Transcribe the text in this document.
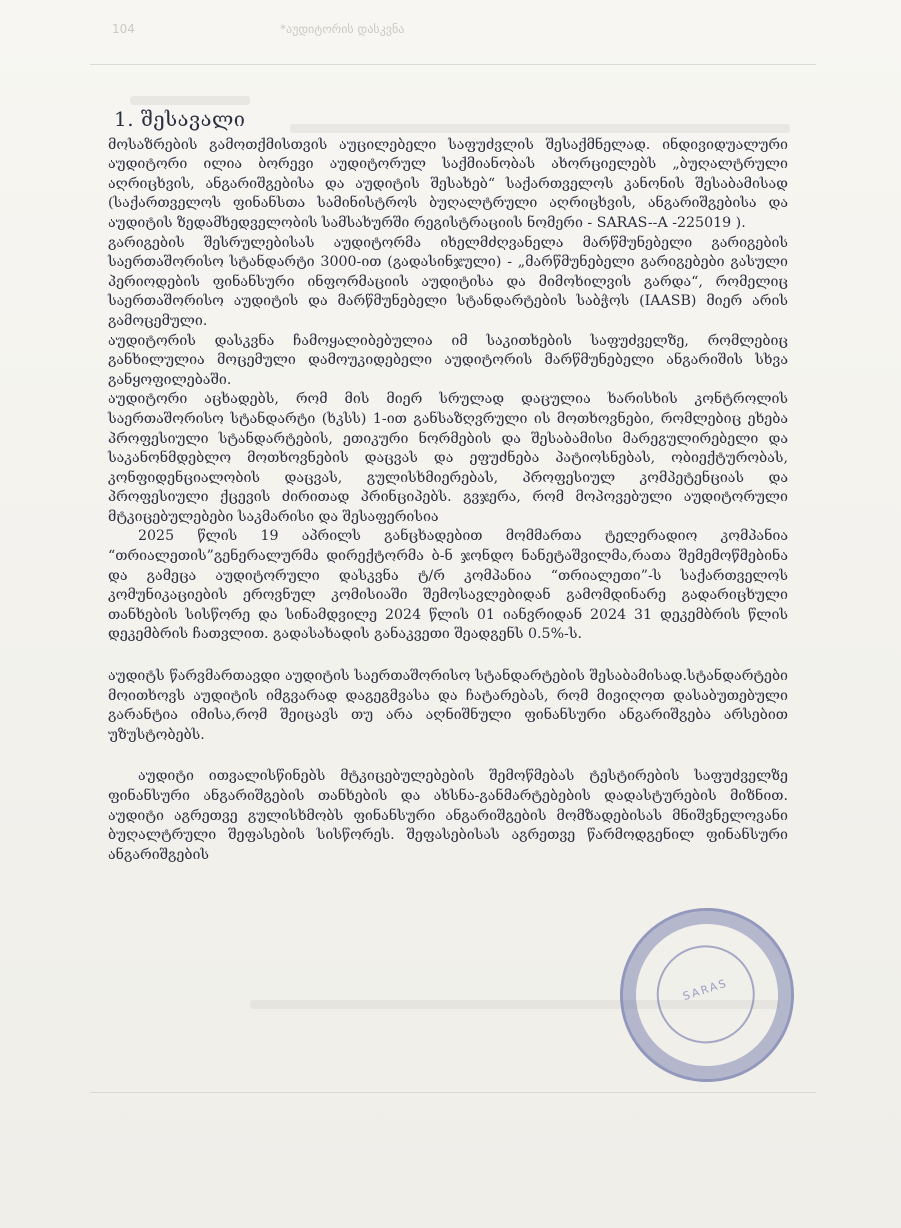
104	*აუდიტორის დასკვნა
1. შესავალი

მოსაზრების გამოთქმისთვის აუცილებელი საფუძვლის შესაქმნელად. ინდივიდუალური აუდიტორი ილია ბორევი აუდიტორულ საქმიანობას ახორციელებს „ბუღალტრული აღრიცხვის, ანგარიშგებისა და აუდიტის შესახებ“ საქართველოს კანონის შესაბამისად (საქართველოს ფინანსთა სამინისტროს ბუღალტრული აღრიცხვის, ანგარიშგებისა და აუდიტის ზედამხედველობის სამსახურში რეგისტრაციის ნომერი - SARAS--A -225019 ).

გარიგების შესრულებისას აუდიტორმა იხელმძღვანელა მარწმუნებელი გარიგების საერთაშორისო სტანდარტი 3000-ით (გადასინჯული) - „მარწმუნებელი გარიგებები გასული პერიოდების ფინანსური ინფორმაციის აუდიტისა და მიმოხილვის გარდა“, რომელიც საერთაშორისო აუდიტის და მარწმუნებელი სტანდარტების საბჭოს (IAASB) მიერ არის გამოცემული.

აუდიტორის დასკვნა ჩამოყალიბებულია იმ საკითხების საფუძველზე, რომლებიც განხილულია მოცემული დამოუკიდებელი აუდიტორის მარწმუნებელი ანგარიშის სხვა განყოფილებაში.

აუდიტორი აცხადებს, რომ მის მიერ სრულად დაცულია ხარისხის კონტროლის საერთაშორისო სტანდარტი (ხკსს) 1-ით განსაზღვრული ის მოთხოვნები, რომლებიც ეხება პროფესიული სტანდარტების, ეთიკური ნორმების და შესაბამისი მარეგულირებელი და საკანონმდებლო მოთხოვნების დაცვას და ეფუძნება პატიოსნებას, ობიექტურობას, კონფიდენციალობის დაცვას, გულისხმიერებას, პროფესიულ კომპეტენციას და პროფესიული ქცევის ძირითად პრინციპებს. გვჯერა, რომ მოპოვებული აუდიტორული მტკიცებულებები საკმარისი და შესაფერისია

2025 წლის 19 აპრილს განცხადებით მომმართა ტელერადიო კომპანია “თრიალეთის”გენერალურმა დირექტორმა ბ-ნ ჯონდო ნანეტაშვილმა,რათა შემემოწმებინა და გამეცა აუდიტორული დასკვნა ტ/რ კომპანია “თრიალეთი”-ს საქართველოს კომუნიკაციების ეროვნულ კომისიაში შემოსავლებიდან გამომდინარე გადარიცხული თანხების სისწორე და სინამდვილე 2024 წლის 01 იანვრიდან 2024 31 დეკემბრის წლის დეკემბრის ჩათვლით. გადასახადის განაკვეთი შეადგენს 0.5%-ს.

აუდიტს წარვმართავდი აუდიტის საერთაშორისო სტანდარტების შესაბამისად.სტანდარტები მოითხოვს აუდიტის იმგვარად დაგეგმვასა და ჩატარებას, რომ მივიღოთ დასაბუთებული გარანტია იმისა,რომ შეიცავს თუ არა აღნიშნული ფინანსური ანგარიშგება არსებით უზუსტობებს.

აუდიტი ითვალისწინებს მტკიცებულებების შემოწმებას ტესტირების საფუძველზე ფინანსური ანგარიშგების თანხების და ახსნა-განმარტებების დადასტურების მიზნით. აუდიტი აგრეთვე გულისხმობს ფინანსური ანგარიშგების მომზადებისას მნიშვნელოვანი ბუღალტრული შეფასების სისწორეს. შეფასებისას აგრეთვე წარმოდგენილ ფინანსური ანგარიშგების

SARAS
